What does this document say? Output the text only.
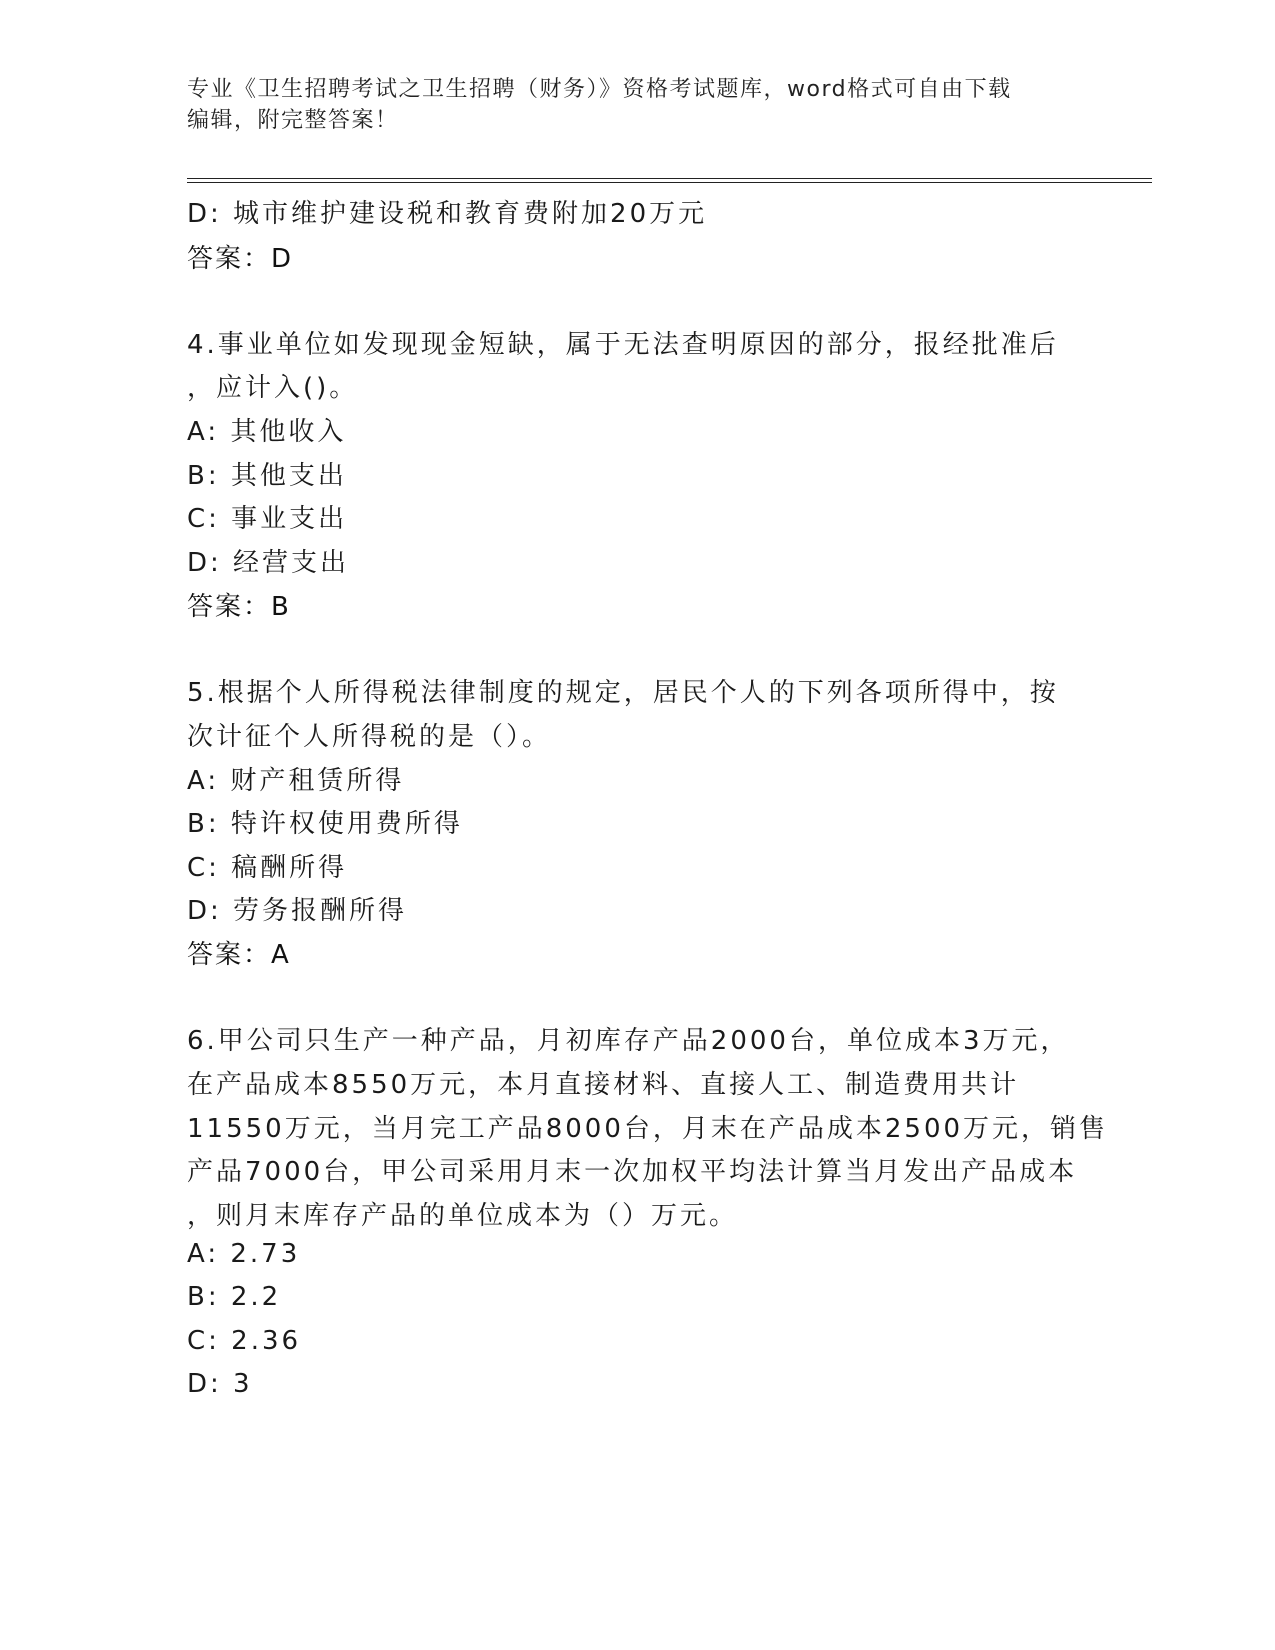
专业《卫生招聘考试之卫生招聘（财务）》资格考试题库，word格式可自由下载
编辑，附完整答案！
D: 城市维护建设税和教育费附加20万元
答案：D
4.事业单位如发现现金短缺，属于无法查明原因的部分，报经批准后
，应计入()。
A: 其他收入
B: 其他支出
C: 事业支出
D: 经营支出
答案：B
5.根据个人所得税法律制度的规定，居民个人的下列各项所得中，按
次计征个人所得税的是（）。
A: 财产租赁所得
B: 特许权使用费所得
C: 稿酬所得
D: 劳务报酬所得
答案：A
6.甲公司只生产一种产品，月初库存产品2000台，单位成本3万元，
在产品成本8550万元，本月直接材料、直接人工、制造费用共计
11550万元，当月完工产品8000台，月末在产品成本2500万元，销售
产品7000台，甲公司采用月末一次加权平均法计算当月发出产品成本
，则月末库存产品的单位成本为（）万元。
A: 2.73
B: 2.2
C: 2.36
D: 3
